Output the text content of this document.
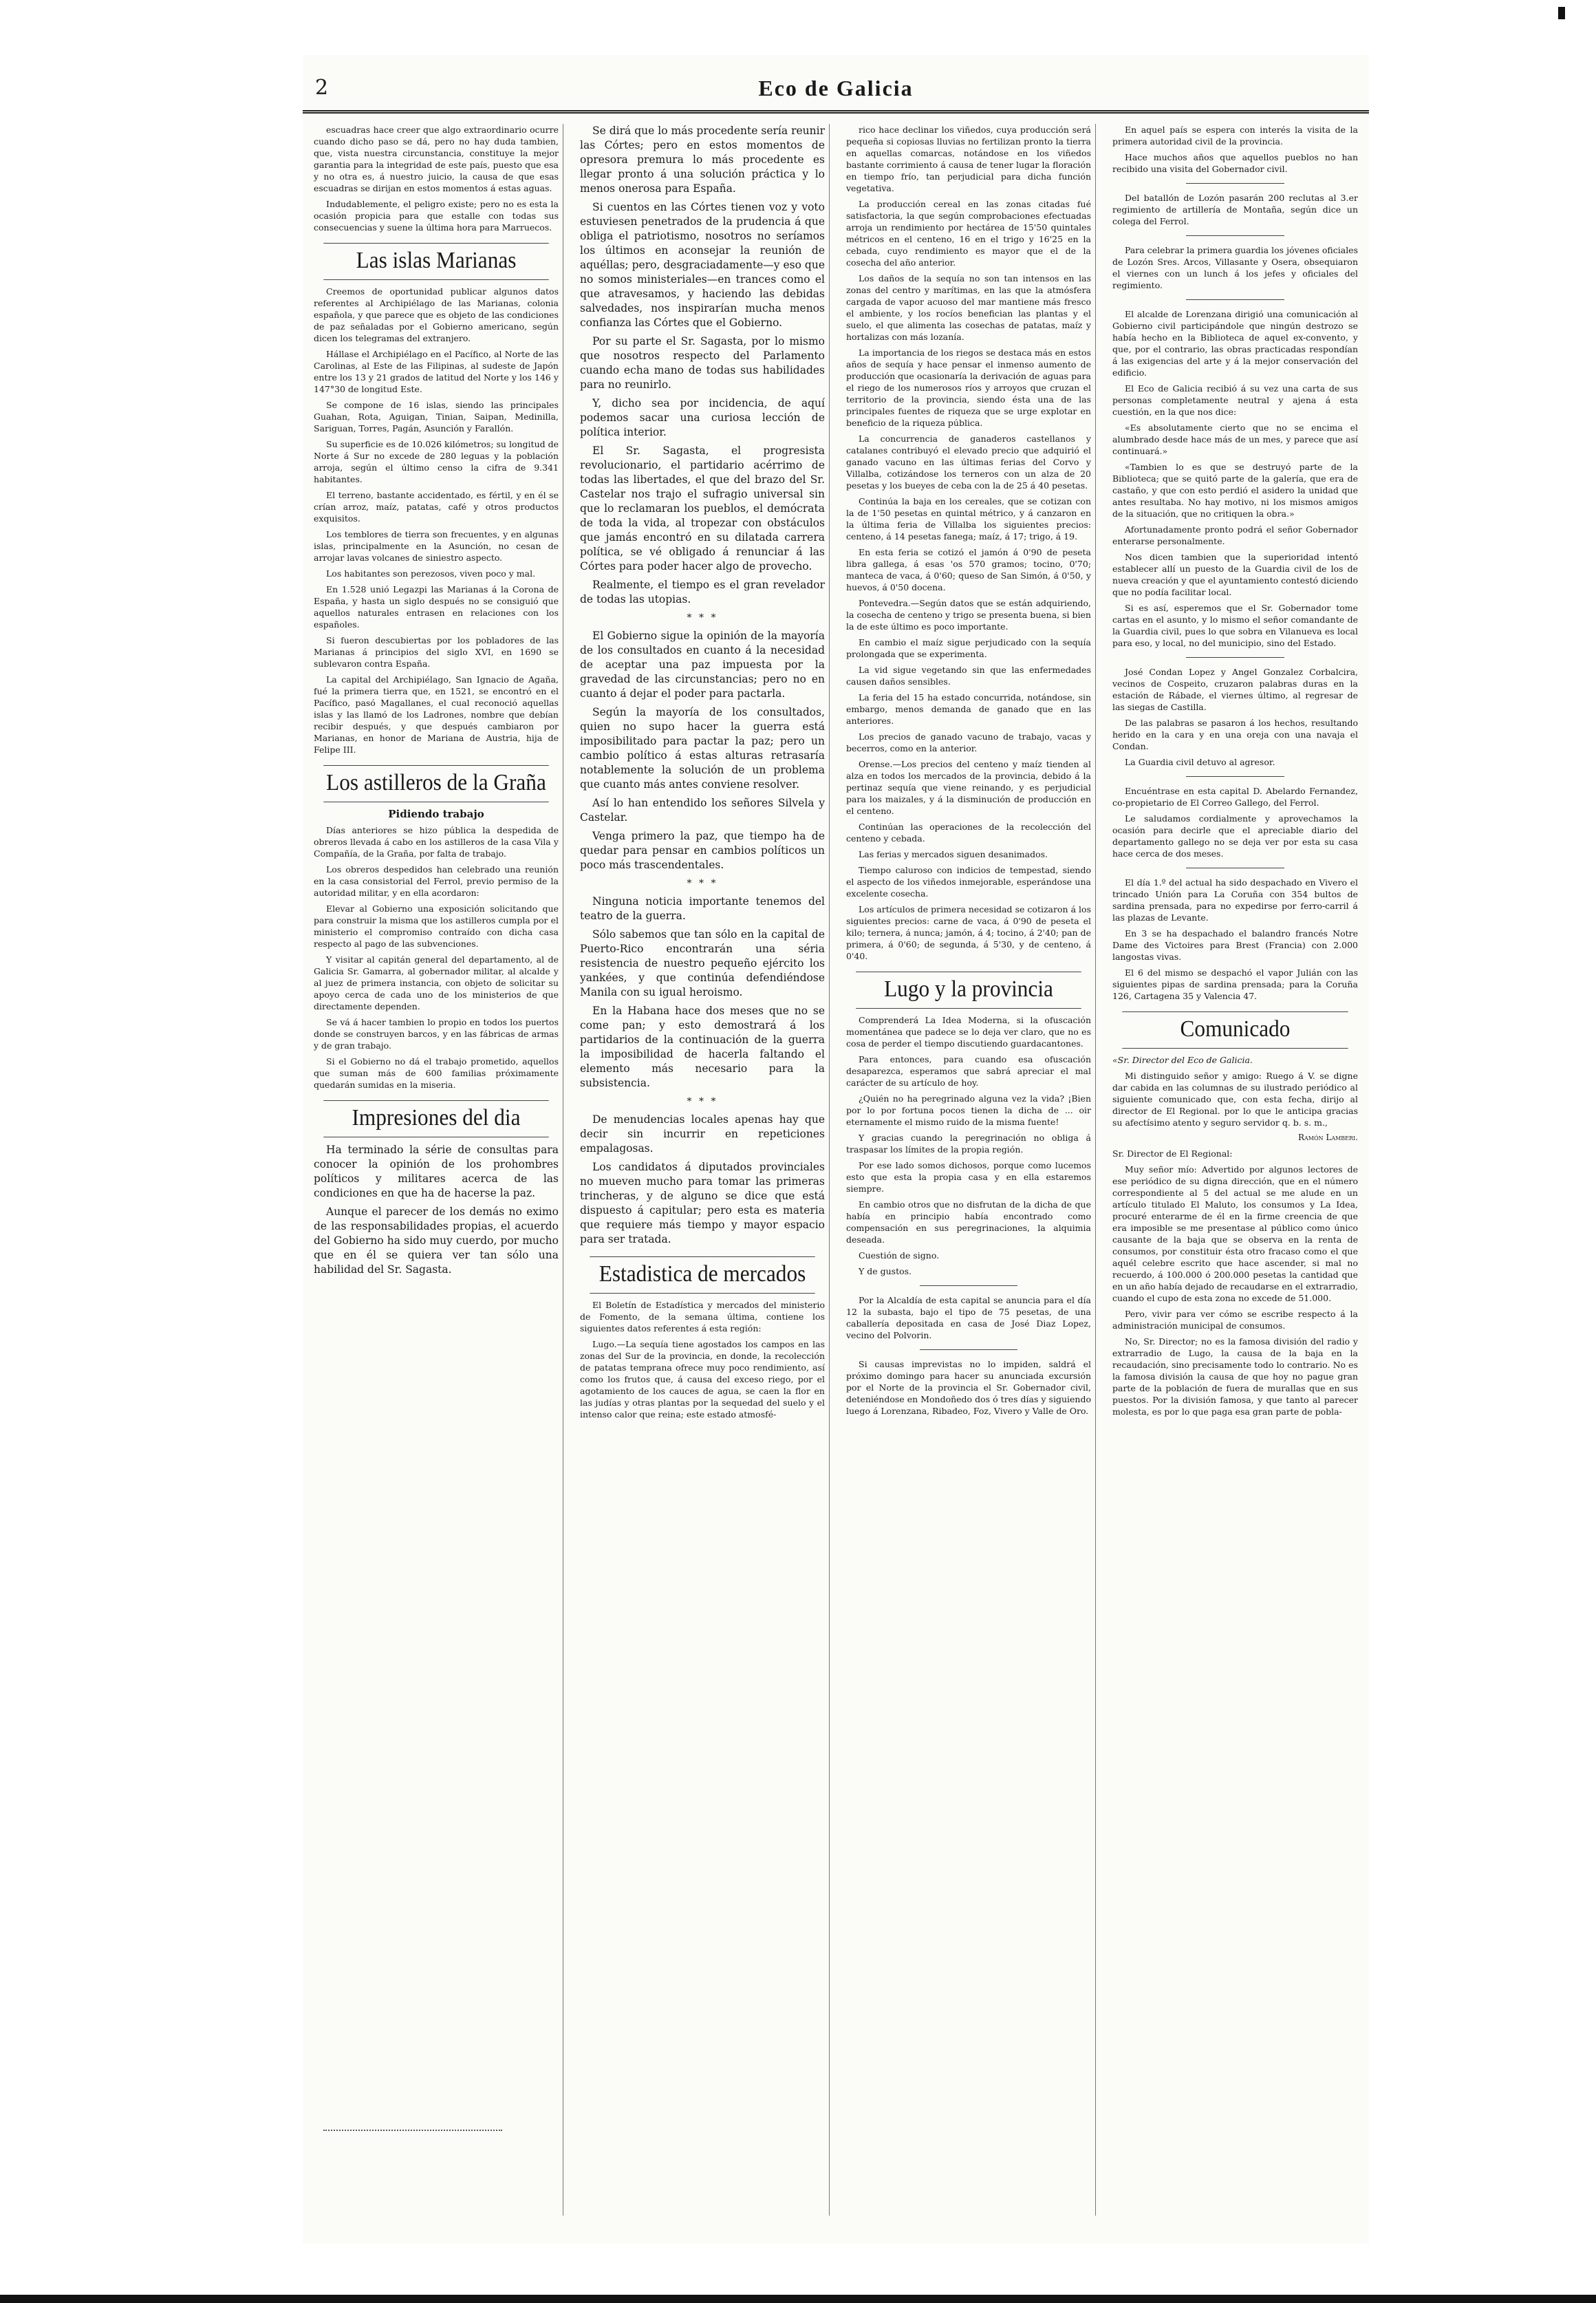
2	Eco de Galicia

escuadras hace creer que algo extraordinario ocurre cuando dicho paso se dá, pero no hay duda tambien, que, vista nuestra circunstancia, constituye la mejor garantia para la integridad de este país, puesto que esa y no otra es, á nuestro juicio, la causa de que esas escuadras se dirijan en estos momentos á estas aguas.

Indudablemente, el peligro existe; pero no es esta la ocasión propicia para que estalle con todas sus consecuencias y suene la última hora para Marruecos.

Las islas Marianas

Creemos de oportunidad publicar algunos datos referentes al Archipiélago de las Marianas, colonia española, y que parece que es objeto de las condiciones de paz señaladas por el Gobierno americano, según dicen los telegramas del extranjero.

Hállase el Archipiélago en el Pacífico, al Norte de las Carolinas, al Este de las Filipinas, al sudeste de Japón entre los 13 y 21 grados de latitud del Norte y los 146 y 147°30 de longitud Este.

Se compone de 16 islas, siendo las principales Guahan, Rota, Aguigan, Tinian, Saipan, Medinilla, Sariguan, Torres, Pagán, Asunción y Farallón.

Su superficie es de 10.026 kilómetros; su longitud de Norte á Sur no excede de 280 leguas y la población arroja, según el último censo la cifra de 9.341 habitantes.

El terreno, bastante accidentado, es fértil, y en él se crían arroz, maíz, patatas, café y otros productos exquisitos.

Los temblores de tierra son frecuentes, y en algunas islas, principalmente en la Asunción, no cesan de arrojar lavas volcanes de siniestro aspecto.

Los habitantes son perezosos, viven poco y mal.

En 1.528 unió Legazpi las Marianas á la Corona de España, y hasta un siglo después no se consiguió que aquellos naturales entrasen en relaciones con los españoles.

Si fueron descubiertas por los pobladores de las Marianas á principios del siglo XVI, en 1690 se sublevaron contra España.

La capital del Archipiélago, San Ignacio de Agaña, fué la primera tierra que, en 1521, se encontró en el Pacífico, pasó Magallanes, el cual reconoció aquellas islas y las llamó de los Ladrones, nombre que debían recibir después, y que después cambiaron por Marianas, en honor de Mariana de Austria, hija de Felipe III.

Los astilleros de la Graña
Pidiendo trabajo

Días anteriores se hizo pública la despedida de obreros llevada á cabo en los astilleros de la casa Vila y Compañía, de la Graña, por falta de trabajo.

Los obreros despedidos han celebrado una reunión en la casa consistorial del Ferrol, previo permiso de la autoridad militar, y en ella acordaron:

Elevar al Gobierno una exposición solicitando que para construir la misma que los astilleros cumpla por el ministerio el compromiso contraído con dicha casa respecto al pago de las subvenciones.

Y visitar al capitán general del departamento, al de Galicia Sr. Gamarra, al gobernador militar, al alcalde y al juez de primera instancia, con objeto de solicitar su apoyo cerca de cada uno de los ministerios de que directamente dependen.

Se vá á hacer tambien lo propio en todos los puertos donde se construyen barcos, y en las fábricas de armas y de gran trabajo.

Si el Gobierno no dá el trabajo prometido, aquellos que suman más de 600 familias próximamente quedarán sumidas en la miseria.

Impresiones del dia

Ha terminado la série de consultas para conocer la opinión de los prohombres políticos y militares acerca de las condiciones en que ha de hacerse la paz.

Aunque el parecer de los demás no eximo de las responsabilidades propias, el acuerdo del Gobierno ha sido muy cuerdo, por mucho que en él se quiera ver tan sólo una habilidad del Sr. Sagasta.

Se dirá que lo más procedente sería reunir las Córtes; pero en estos momentos de opresora premura lo más procedente es llegar pronto á una solución práctica y lo menos onerosa para España.

Si cuentos en las Córtes tienen voz y voto estuviesen penetrados de la prudencia á que obliga el patriotismo, nosotros no seríamos los últimos en aconsejar la reunión de aquéllas; pero, desgraciadamente—y eso que no somos ministeriales—en trances como el que atravesamos, y haciendo las debidas salvedades, nos inspirarían mucha menos confianza las Córtes que el Gobierno.

Por su parte el Sr. Sagasta, por lo mismo que nosotros respecto del Parlamento cuando echa mano de todas sus habilidades para no reunirlo.

Y, dicho sea por incidencia, de aquí podemos sacar una curiosa lección de política interior.

El Sr. Sagasta, el progresista revolucionario, el partidario acérrimo de todas las libertades, el que del brazo del Sr. Castelar nos trajo el sufragio universal sin que lo reclamaran los pueblos, el demócrata de toda la vida, al tropezar con obstáculos que jamás encontró en su dilatada carrera política, se vé obligado á renunciar á las Córtes para poder hacer algo de provecho.

Realmente, el tiempo es el gran revelador de todas las utopias.

* * *

El Gobierno sigue la opinión de la mayoría de los consultados en cuanto á la necesidad de aceptar una paz impuesta por la gravedad de las circunstancias; pero no en cuanto á dejar el poder para pactarla.

Según la mayoría de los consultados, quien no supo hacer la guerra está imposibilitado para pactar la paz; pero un cambio político á estas alturas retrasaría notablemente la solución de un problema que cuanto más antes conviene resolver.

Así lo han entendido los señores Silvela y Castelar.

Venga primero la paz, que tiempo ha de quedar para pensar en cambios políticos un poco más trascendentales.

* * *

Ninguna noticia importante tenemos del teatro de la guerra.

Sólo sabemos que tan sólo en la capital de Puerto-Rico encontrarán una séria resistencia de nuestro pequeño ejército los yankées, y que continúa defendiéndose Manila con su igual heroismo.

En la Habana hace dos meses que no se come pan; y esto demostrará á los partidarios de la continuación de la guerra la imposibilidad de hacerla faltando el elemento más necesario para la subsistencia.

* * *

De menudencias locales apenas hay que decir sin incurrir en repeticiones empalagosas.

Los candidatos á diputados provinciales no mueven mucho para tomar las primeras trincheras, y de alguno se dice que está dispuesto á capitular; pero esta es materia que requiere más tiempo y mayor espacio para ser tratada.

Estadistica de mercados

El Boletín de Estadística y mercados del ministerio de Fomento, de la semana última, contiene los siguientes datos referentes á esta región:

Lugo.—La sequía tiene agostados los campos en las zonas del Sur de la provincia, en donde, la recolección de patatas temprana ofrece muy poco rendimiento, así como los frutos que, á causa del exceso riego, por el agotamiento de los cauces de agua, se caen la flor en las judías y otras plantas por la sequedad del suelo y el intenso calor que reina; este estado atmosfé-

rico hace declinar los viñedos, cuya producción será pequeña si copiosas lluvias no fertilizan pronto la tierra en aquellas comarcas, notándose en los viñedos bastante corrimiento á causa de tener lugar la floración en tiempo frío, tan perjudicial para dicha función vegetativa.

La producción cereal en las zonas citadas fué satisfactoria, la que según comprobaciones efectuadas arroja un rendimiento por hectárea de 15'50 quintales métricos en el centeno, 16 en el trigo y 16'25 en la cebada, cuyo rendimiento es mayor que el de la cosecha del año anterior.

Los daños de la sequía no son tan intensos en las zonas del centro y marítimas, en las que la atmósfera cargada de vapor acuoso del mar mantiene más fresco el ambiente, y los rocíos benefician las plantas y el suelo, el que alimenta las cosechas de patatas, maíz y hortalizas con más lozanía.

La importancia de los riegos se destaca más en estos años de sequía y hace pensar el inmenso aumento de producción que ocasionaría la derivación de aguas para el riego de los numerosos ríos y arroyos que cruzan el territorio de la provincia, siendo ésta una de las principales fuentes de riqueza que se urge explotar en beneficio de la riqueza pública.

La concurrencia de ganaderos castellanos y catalanes contribuyó el elevado precio que adquirió el ganado vacuno en las últimas ferias del Corvo y Villalba, cotizándose los terneros con un alza de 20 pesetas y los bueyes de ceba con la de 25 á 40 pesetas.

Continúa la baja en los cereales, que se cotizan con la de 1'50 pesetas en quintal métrico, y á canzaron en la última feria de Villalba los siguientes precios: centeno, á 14 pesetas fanega; maíz, á 17; trigo, á 19.

En esta feria se cotizó el jamón á 0'90 de peseta libra gallega, á esas 'os 570 gramos; tocino, 0'70; manteca de vaca, á 0'60; queso de San Simón, á 0'50, y huevos, á 0'50 docena.

Pontevedra.—Según datos que se están adquiriendo, la cosecha de centeno y trigo se presenta buena, si bien la de este último es poco importante.

En cambio el maíz sigue perjudicado con la sequía prolongada que se experimenta.

La vid sigue vegetando sin que las enfermedades causen daños sensibles.

La feria del 15 ha estado concurrida, notándose, sin embargo, menos demanda de ganado que en las anteriores.

Los precios de ganado vacuno de trabajo, vacas y becerros, como en la anterior.

Orense.—Los precios del centeno y maíz tienden al alza en todos los mercados de la provincia, debido á la pertinaz sequía que viene reinando, y es perjudicial para los maizales, y á la disminución de producción en el centeno.

Continúan las operaciones de la recolección del centeno y cebada.

Las ferias y mercados siguen desanimados.

Tiempo caluroso con indicios de tempestad, siendo el aspecto de los viñedos inmejorable, esperándose una excelente cosecha.

Los artículos de primera necesidad se cotizaron á los siguientes precios: carne de vaca, á 0'90 de peseta el kilo; ternera, á nunca; jamón, á 4; tocino, á 2'40; pan de primera, á 0'60; de segunda, á 5'30, y de centeno, á 0'40.

Lugo y la provincia

Comprenderá La Idea Moderna, si la ofuscación momentánea que padece se lo deja ver claro, que no es cosa de perder el tiempo discutiendo guardacantones.

Para entonces, para cuando esa ofuscación desaparezca, esperamos que sabrá apreciar el mal carácter de su artículo de hoy.

¿Quién no ha peregrinado alguna vez la vida? ¡Bien por lo por fortuna pocos tienen la dicha de ... oir eternamente el mismo ruido de la misma fuente!

Y gracias cuando la peregrinación no obliga á traspasar los límites de la propia región.

Por ese lado somos dichosos, porque como lucemos esto que esta la propia casa y en ella estaremos siempre.

En cambio otros que no disfrutan de la dicha de que había en principio había encontrado como compensación en sus peregrinaciones, la alquimia deseada.

Cuestión de signo.

Y de gustos.

Por la Alcaldía de esta capital se anuncia para el día 12 la subasta, bajo el tipo de 75 pesetas, de una caballería depositada en casa de José Diaz Lopez, vecino del Polvorin.

Si causas imprevistas no lo impiden, saldrá el próximo domingo para hacer su anunciada excursión por el Norte de la provincia el Sr. Gobernador civil, deteniéndose en Mondoñedo dos ó tres días y siguiendo luego á Lorenzana, Ribadeo, Foz, Vivero y Valle de Oro.

En aquel país se espera con interés la visita de la primera autoridad civil de la provincia.

Hace muchos años que aquellos pueblos no han recibido una visita del Gobernador civil.

Del batallón de Lozón pasarán 200 reclutas al 3.er regimiento de artillería de Montaña, según dice un colega del Ferrol.

Para celebrar la primera guardia los jóvenes oficiales de Lozón Sres. Arcos, Villasante y Osera, obsequiaron el viernes con un lunch á los jefes y oficiales del regimiento.

El alcalde de Lorenzana dirigió una comunicación al Gobierno civil participándole que ningún destrozo se había hecho en la Biblioteca de aquel ex-convento, y que, por el contrario, las obras practicadas respondían á las exigencias del arte y á la mejor conservación del edificio.

El Eco de Galicia recibió á su vez una carta de sus personas completamente neutral y ajena á esta cuestión, en la que nos dice:

«Es absolutamente cierto que no se encima el alumbrado desde hace más de un mes, y parece que así continuará.»

«Tambien lo es que se destruyó parte de la Biblioteca; que se quitó parte de la galería, que era de castaño, y que con esto perdió el asidero la unidad que antes resultaba. No hay motivo, ni los mismos amigos de la situación, que no critiquen la obra.»

Afortunadamente pronto podrá el señor Gobernador enterarse personalmente.

Nos dicen tambien que la superioridad intentó establecer allí un puesto de la Guardia civil de los de nueva creación y que el ayuntamiento contestó diciendo que no podía facilitar local.

Si es así, esperemos que el Sr. Gobernador tome cartas en el asunto, y lo mismo el señor comandante de la Guardia civil, pues lo que sobra en Vilanueva es local para eso, y local, no del municipio, sino del Estado.

José Condan Lopez y Angel Gonzalez Corbalcira, vecinos de Cospeito, cruzaron palabras duras en la estación de Rábade, el viernes último, al regresar de las siegas de Castilla.

De las palabras se pasaron á los hechos, resultando herido en la cara y en una oreja con una navaja el Condan.

La Guardia civil detuvo al agresor.

Encuéntrase en esta capital D. Abelardo Fernandez, co-propietario de El Correo Gallego, del Ferrol.

Le saludamos cordialmente y aprovechamos la ocasión para decirle que el apreciable diario del departamento gallego no se deja ver por esta su casa hace cerca de dos meses.

El día 1.º del actual ha sido despachado en Vivero el trincado Unión para La Coruña con 354 bultos de sardina prensada, para no expedirse por ferro-carril á las plazas de Levante.

En 3 se ha despachado el balandro francés Notre Dame des Victoires para Brest (Francia) con 2.000 langostas vivas.

El 6 del mismo se despachó el vapor Julián con las siguientes pipas de sardina prensada; para la Coruña 126, Cartagena 35 y Valencia 47.

Comunicado

«Sr. Director del Eco de Galicia.

Mi distinguido señor y amigo: Ruego á V. se digne dar cabida en las columnas de su ilustrado periódico al siguiente comunicado que, con esta fecha, dirijo al director de El Regional. por lo que le anticipa gracias su afectísimo atento y seguro servidor q. b. s. m.,

Ramón Lamberi.

Sr. Director de El Regional:

Muy señor mío: Advertido por algunos lectores de ese periódico de su digna dirección, que en el número correspondiente al 5 del actual se me alude en un artículo titulado El Maluto, los consumos y La Idea, procuré enterarme de él en la firme creencia de que era imposible se me presentase al público como único causante de la baja que se observa en la renta de consumos, por constituir ésta otro fracaso como el que aquél celebre escrito que hace ascender, si mal no recuerdo, á 100.000 ó 200.000 pesetas la cantidad que en un año había dejado de recaudarse en el extrarradio, cuando el cupo de esta zona no excede de 51.000.

Pero, vivir para ver cómo se escribe respecto á la administración municipal de consumos.

No, Sr. Director; no es la famosa división del radio y extrarradio de Lugo, la causa de la baja en la recaudación, sino precisamente todo lo contrario. No es la famosa división la causa de que hoy no pague gran parte de la población de fuera de murallas que en sus puestos. Por la división famosa, y que tanto al parecer molesta, es por lo que paga esa gran parte de pobla-
